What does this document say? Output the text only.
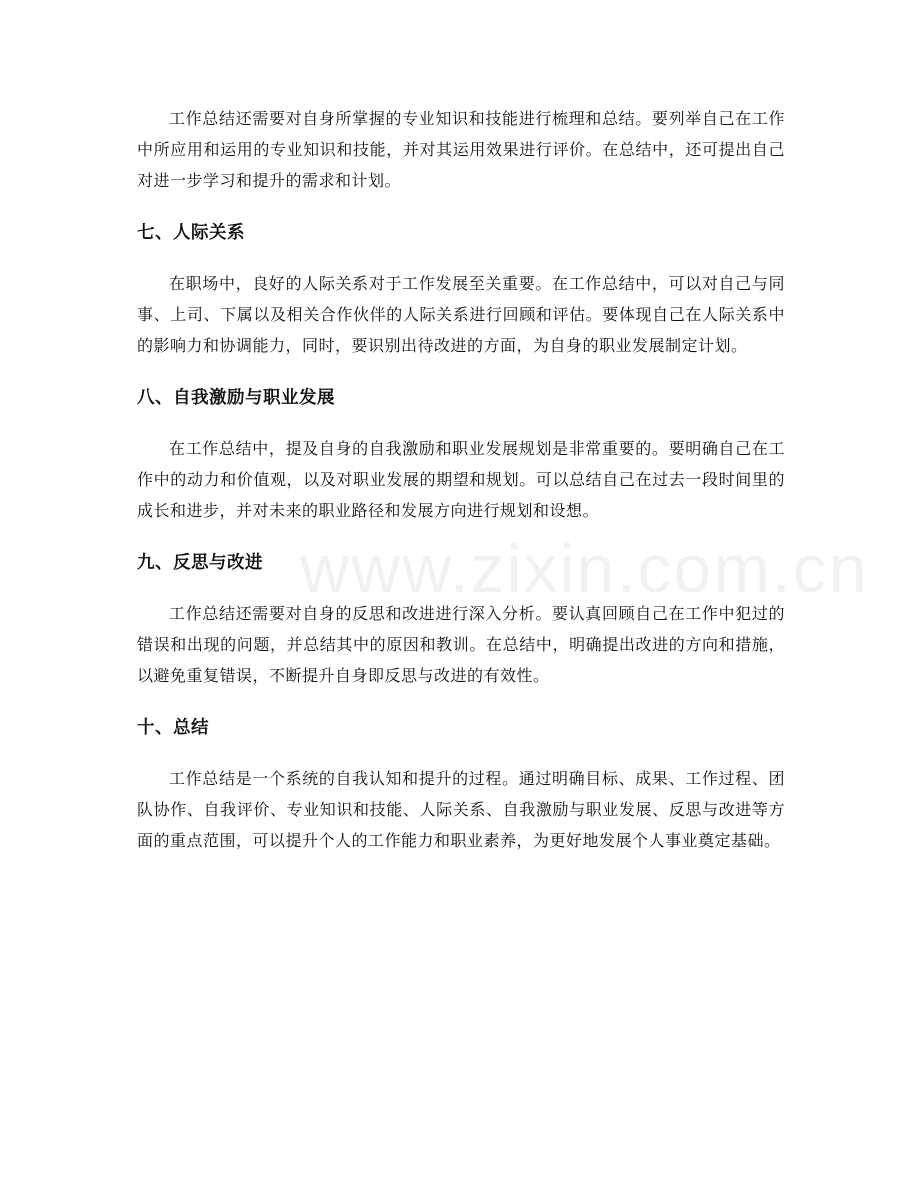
www.zixin.com.cn

工作总结还需要对自身所掌握的专业知识和技能进行梳理和总结。要列举自己在工作中所应用和运用的专业知识和技能，并对其运用效果进行评价。在总结中，还可提出自己对进一步学习和提升的需求和计划。

七、人际关系

在职场中，良好的人际关系对于工作发展至关重要。在工作总结中，可以对自己与同事、上司、下属以及相关合作伙伴的人际关系进行回顾和评估。要体现自己在人际关系中的影响力和协调能力，同时，要识别出待改进的方面，为自身的职业发展制定计划。

八、自我激励与职业发展

在工作总结中，提及自身的自我激励和职业发展规划是非常重要的。要明确自己在工作中的动力和价值观，以及对职业发展的期望和规划。可以总结自己在过去一段时间里的成长和进步，并对未来的职业路径和发展方向进行规划和设想。

九、反思与改进

工作总结还需要对自身的反思和改进进行深入分析。要认真回顾自己在工作中犯过的错误和出现的问题，并总结其中的原因和教训。在总结中，明确提出改进的方向和措施，以避免重复错误，不断提升自身即反思与改进的有效性。

十、总结

工作总结是一个系统的自我认知和提升的过程。通过明确目标、成果、工作过程、团队协作、自我评价、专业知识和技能、人际关系、自我激励与职业发展、反思与改进等方面的重点范围，可以提升个人的工作能力和职业素养，为更好地发展个人事业奠定基础。
